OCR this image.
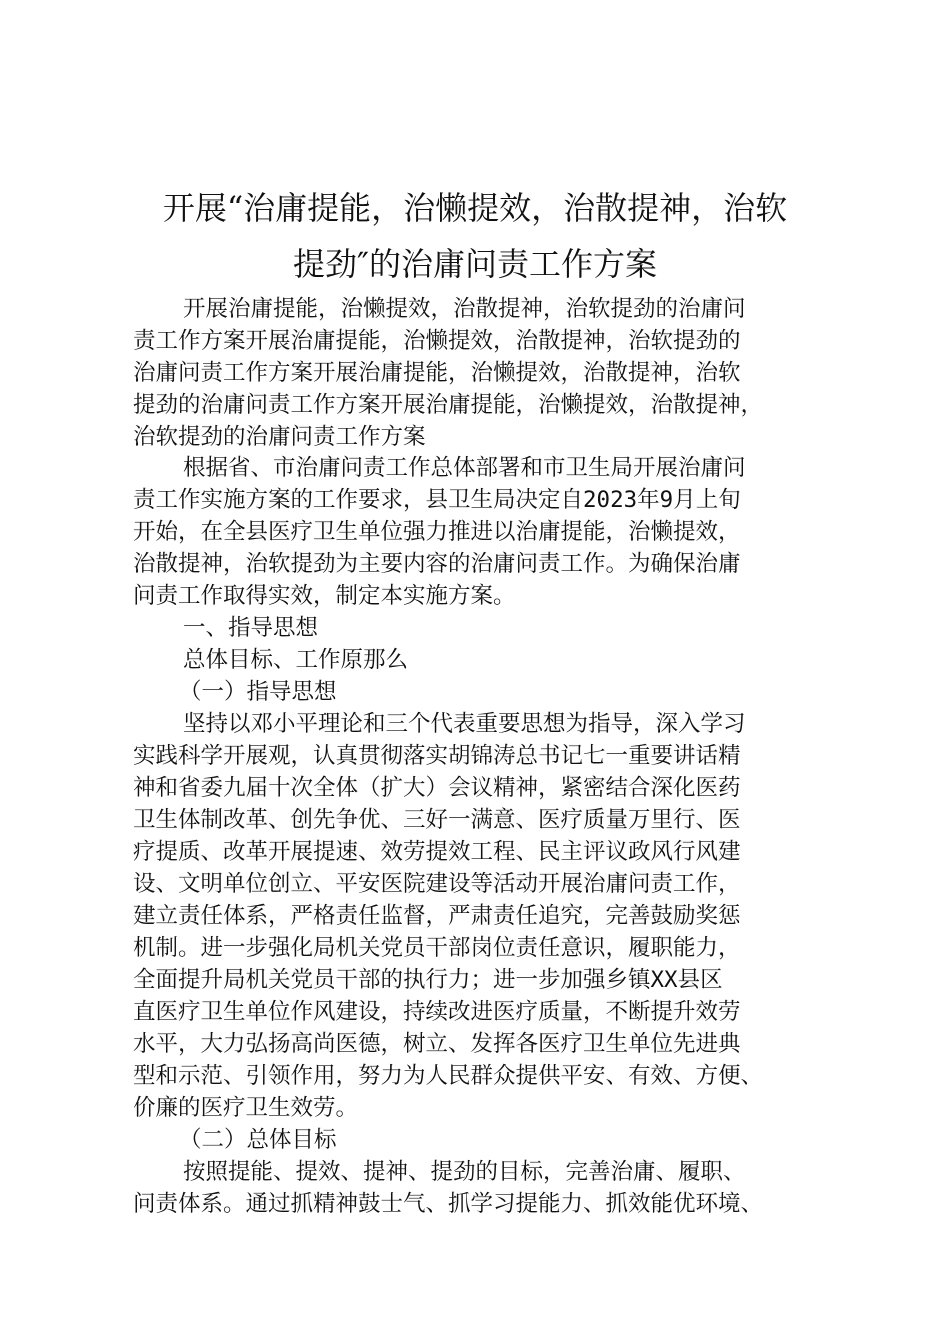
开展“治庸提能，治懒提效，治散提神，治软
提劲″的治庸问责工作方案
开展治庸提能，治懒提效，治散提神，治软提劲的治庸问
责工作方案开展治庸提能，治懒提效，治散提神，治软提劲的
治庸问责工作方案开展治庸提能，治懒提效，治散提神，治软
提劲的治庸问责工作方案开展治庸提能，治懒提效，治散提神，
治软提劲的治庸问责工作方案
根据省、市治庸问责工作总体部署和市卫生局开展治庸问
责工作实施方案的工作要求，县卫生局决定自2023年9月上旬
开始，在全县医疗卫生单位强力推进以治庸提能，治懒提效，
治散提神，治软提劲为主要内容的治庸问责工作。为确保治庸
问责工作取得实效，制定本实施方案。
一、指导思想
总体目标、工作原那么
（一）指导思想
坚持以邓小平理论和三个代表重要思想为指导，深入学习
实践科学开展观，认真贯彻落实胡锦涛总书记七一重要讲话精
神和省委九届十次全体（扩大）会议精神，紧密结合深化医药
卫生体制改革、创先争优、三好一满意、医疗质量万里行、医
疗提质、改革开展提速、效劳提效工程、民主评议政风行风建
设、文明单位创立、平安医院建设等活动开展治庸问责工作，
建立责任体系，严格责任监督，严肃责任追究，完善鼓励奖惩
机制。进一步强化局机关党员干部岗位责任意识，履职能力，
全面提升局机关党员干部的执行力；进一步加强乡镇XX县区
直医疗卫生单位作风建设，持续改进医疗质量，不断提升效劳
水平，大力弘扬高尚医德，树立、发挥各医疗卫生单位先进典
型和示范、引领作用，努力为人民群众提供平安、有效、方便、
价廉的医疗卫生效劳。
（二）总体目标
按照提能、提效、提神、提劲的目标，完善治庸、履职、
问责体系。通过抓精神鼓士气、抓学习提能力、抓效能优环境、
